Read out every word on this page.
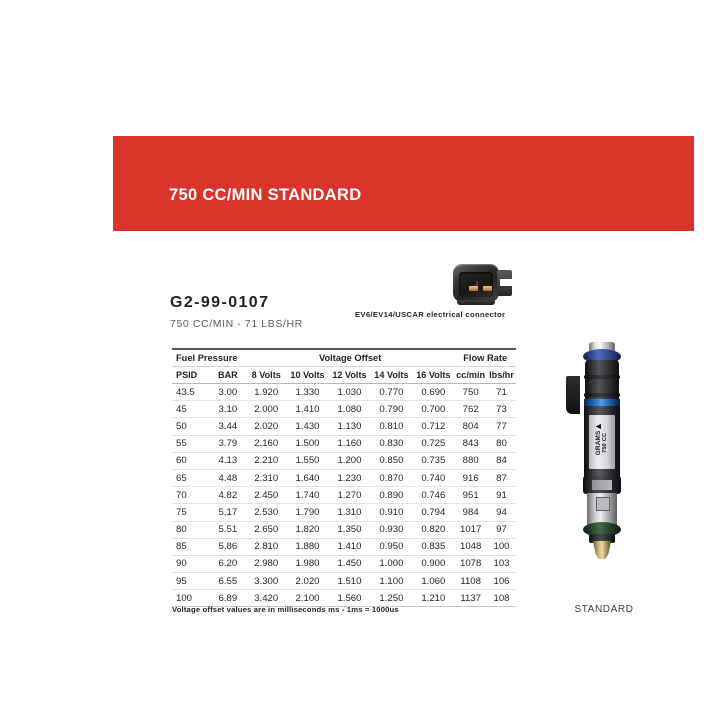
750 CC/MIN STANDARD
G2-99-0107
750 CC/MIN - 71 LBS/HR
EV6/EV14/USCAR electrical connector
Fuel Pressure		Voltage Offset					Flow Rate	
PSID	BAR	8 Volts	10 Volts	12 Volts	14 Volts	16 Volts	cc/min	lbs/hr
43.5	3.00	1.920	1.330	1.030	0.770	0.690	750	71
45	3.10	2.000	1.410	1.080	0.790	0.700	762	73
50	3.44	2.020	1.430	1.130	0.810	0.712	804	77
55	3.79	2.160	1.500	1.160	0.830	0.725	843	80
60	4.13	2.210	1.550	1.200	0.850	0.735	880	84
65	4.48	2.310	1.640	1.230	0.870	0.740	916	87
70	4.82	2.450	1.740	1.270	0.890	0.746	951	91
75	5.17	2.530	1.790	1.310	0.910	0.794	984	94
80	5.51	2.650	1.820	1.350	0.930	0.820	1017	97
85	5.86	2.810	1.880	1.410	0.950	0.835	1048	100
90	6.20	2.980	1.980	1.450	1.000	0.900	1078	103
95	6.55	3.300	2.020	1.510	1.100	1.060	1108	106
100	6.89	3.420	2.100	1.560	1.250	1.210	1137	108
Voltage offset values are in milliseconds ms - 1ms = 1000us
▲
GRAMS 750 CC
STANDARD
